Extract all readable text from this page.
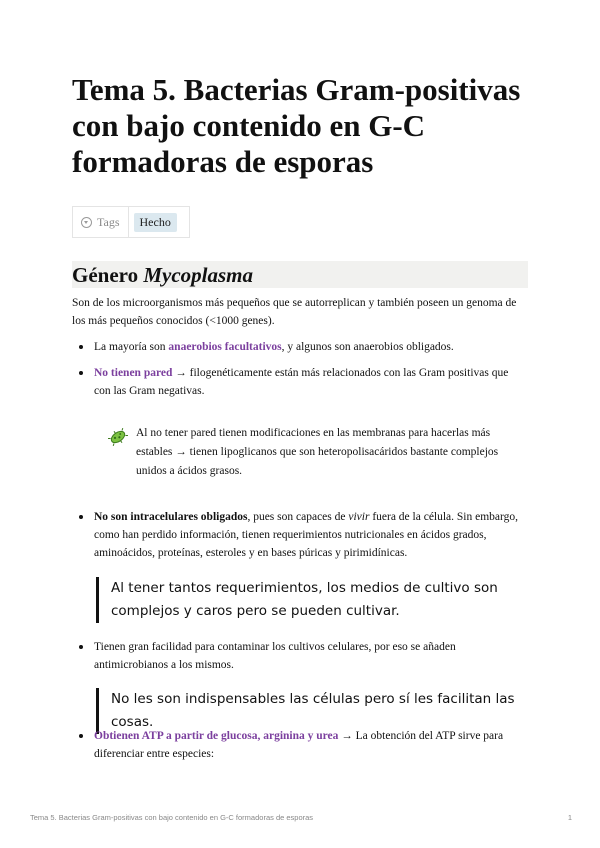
Tema 5. Bacterias Gram-positivas con bajo contenido en G-C formadoras de esporas
Tags	Hecho
Género Mycoplasma

Son de los microorganismos más pequeños que se autorreplican y también poseen un genoma de los más pequeños conocidos (<1000 genes).

La mayoría son anaerobios facultativos, y algunos son anaerobios obligados.

No tienen pared → filogenéticamente están más relacionados con las Gram positivas que con las Gram negativas.

Al no tener pared tienen modificaciones en las membranas para hacerlas más estables → tienen lipoglicanos que son heteropolisacáridos bastante complejos unidos a ácidos grasos.

No son intracelulares obligados, pues son capaces de vivir fuera de la célula. Sin embargo, como han perdido información, tienen requerimientos nutricionales en ácidos grados, aminoácidos, proteínas, esteroles y en bases púricas y pirimidínicas.

Al tener tantos requerimientos, los medios de cultivo son complejos y caros pero se pueden cultivar.

Tienen gran facilidad para contaminar los cultivos celulares, por eso se añaden antimicrobianos a los mismos.

No les son indispensables las células pero sí les facilitan las cosas.

Obtienen ATP a partir de glucosa, arginina y urea → La obtención del ATP sirve para diferenciar entre especies:

Tema 5. Bacterias Gram-positivas con bajo contenido en G-C formadoras de esporas	1
